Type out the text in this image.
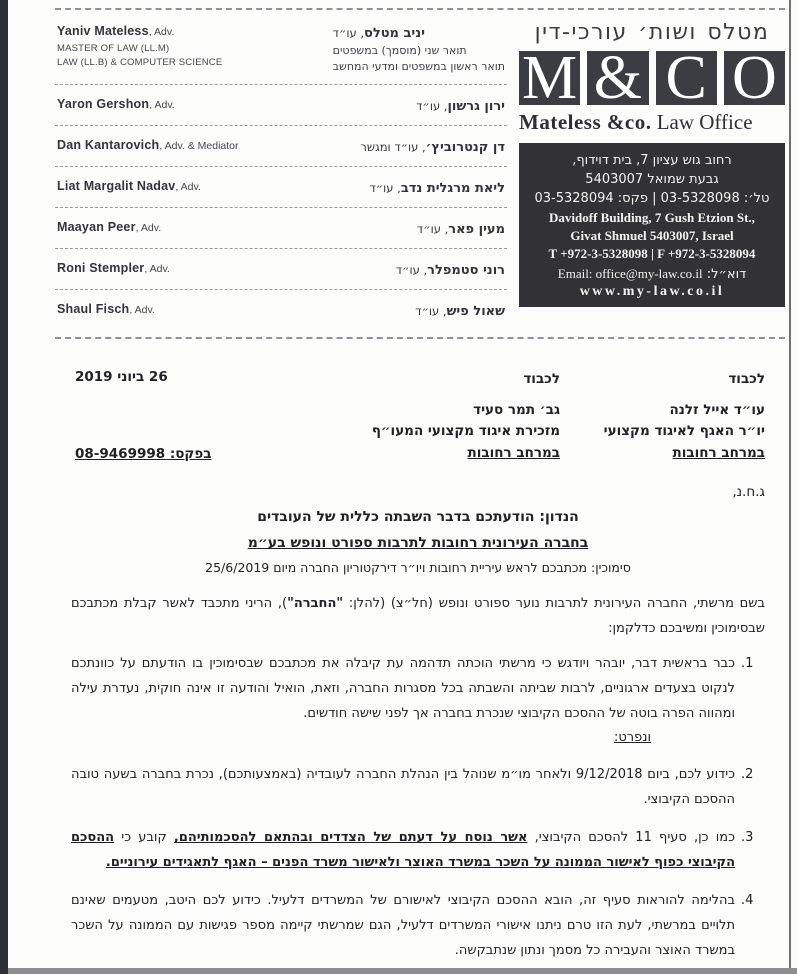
Yaniv Mateless, Adv.
MASTER OF LAW (LL.M)
LAW (LL.B) & COMPUTER SCIENCE
יניב מטלס, עו״ד
תואר שני (מוסמך) במשפטים
תואר ראשון במשפטים ומדעי המחשב
Yaron Gershon, Adv.	ירון גרשון, עו״ד
Dan Kantarovich, Adv. & Mediator	דן קנטרוביץ׳, עו״ד ומגשר
Liat Margalit Nadav, Adv.	ליאת מרגלית נדב, עו״ד
Maayan Peer, Adv.	מעין פאר, עו״ד
Roni Stempler, Adv.	רוני סטמפלר, עו״ד
Shaul Fisch, Adv.	שאול פיש, עו״ד
מטלס ושות׳ עורכי-דין
M & C O
Mateless &co. Law Office
רחוב גוש עציון 7, בית דוידוף,
גבעת שמואל 5403007
טל׳: 03-5328098 | פקס: 03-5328094
Davidoff Building, 7 Gush Etzion St.,
Givat Shmuel 5403007, Israel
T +972-3-5328098 | F +972-3-5328094
דוא״ל: Email: office@my-law.co.il
www.my-law.co.il
לכבוד
עו״ד אייל זלנה
יו״ר האגף לאיגוד מקצועי
במרחב רחובות
לכבוד
גב׳ תמר סעיד
מזכירת איגוד מקצועי המעו״ף
במרחב רחובות
26 ביוני 2019
בפקס: 08-9469998
ג.ח.נ,
הנדון: הודעתכם בדבר השבתה כללית של העובדים
בחברה העירונית רחובות לתרבות ספורט ונופש בע״מ
סימוכין: מכתבכם לראש עיריית רחובות ויו״ר דירקטוריון החברה מיום 25/6/2019

בשם מרשתי, החברה העירונית לתרבות נוער ספורט ונופש (חל״צ) (להלן: "החברה"), הריני מתכבד לאשר קבלת מכתבכם שבסימוכין ומשיבכם כדלקמן:

1.
כבר בראשית דבר, יובהר ויודגש כי מרשתי הוכתה תדהמה עת קיבלה את מכתבכם שבסימוכין בו הודעתם על כוונתכם לנקוט בצעדים ארגוניים, לרבות שביתה והשבתה בכל מסגרות החברה, וזאת, הואיל והודעה זו אינה חוקית, נעדרת עילה ומהווה הפרה בוטה של ההסכם הקיבוצי שנכרת בחברה אך לפני שישה חודשים.
ונפרט:
2.
כידוע לכם, ביום 9/12/2018 ולאחר מו״מ שנוהל בין הנהלת החברה לעובדיה (באמצעותכם), נכרת בחברה בשעה טובה ההסכם הקיבוצי.
3.
כמו כן, סעיף 11 להסכם הקיבוצי, אשר נוסח על דעתם של הצדדים ובהתאם להסכמותיהם, קובע כי ההסכם הקיבוצי כפוף לאישור הממונה על השכר במשרד האוצר ולאישור משרד הפנים – האגף לתאגידים עירוניים.
4.
בהלימה להוראות סעיף זה, הובא ההסכם הקיבוצי לאישורם של המשרדים דלעיל. כידוע לכם היטב, מטעמים שאינם תלויים במרשתי, לעת הזו טרם ניתנו אישורי המשרדים דלעיל, הגם שמרשתי קיימה מספר פגישות עם הממונה על השכר במשרד האוצר והעבירה כל מסמך ונתון שנתבקשה.
